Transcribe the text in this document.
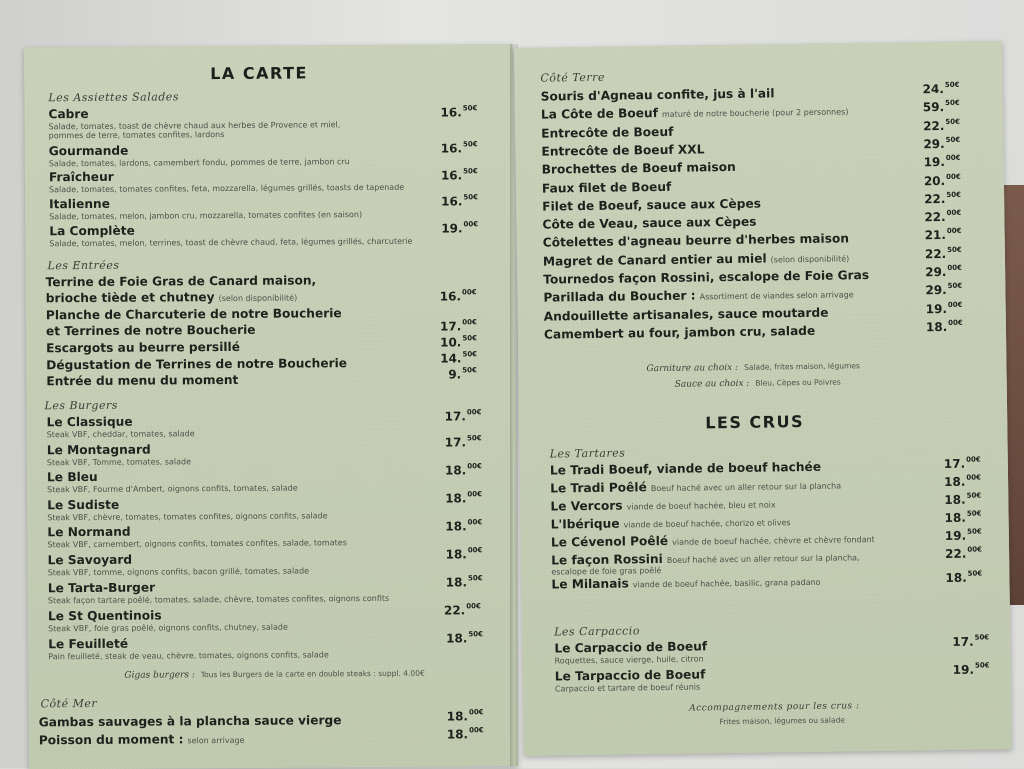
LA CARTE
Les Assiettes Salades
Cabre
Salade, tomates, toast de chèvre chaud aux herbes de Provence et miel, pommes de terre, tomates confites, lardons
16.$^{50€}$
Gourmande
Salade, tomates, lardons, camembert fondu, pommes de terre, jambon cru
16.$^{50€}$
Fraîcheur
Salade, tomates, tomates confites, feta, mozzarella, légumes grillés, toasts de tapenade
16.$^{50€}$
Italienne
Salade, tomates, melon, jambon cru, mozzarella, tomates confites (en saison)
16.$^{50€}$
La Complète
Salade, tomates, melon, terrines, toast de chèvre chaud, feta, légumes grillés, charcuterie
19.$^{00€}$
Les Entrées
Terrine de Foie Gras de Canard maison,
brioche tiède et chutney (selon disponibilité)	16.$^{00€}$
Planche de Charcuterie de notre Boucherie
et Terrines de notre Boucherie	17.$^{00€}$
Escargots au beurre persillé	10.$^{50€}$
Dégustation de Terrines de notre Boucherie	14.$^{50€}$
Entrée du menu du moment	9.$^{50€}$
Les Burgers
Le Classique
Steak VBF, cheddar, tomates, salade
17.$^{00€}$
Le Montagnard
Steak VBF, Tomme, tomates, salade
17.$^{50€}$
Le Bleu
Steak VBF, Fourme d'Ambert, oignons confits, tomates, salade
18.$^{00€}$
Le Sudiste
Steak VBF, chèvre, tomates, tomates confites, oignons confits, salade
18.$^{00€}$
Le Normand
Steak VBF, camembert, oignons confits, tomates confites, salade, tomates
18.$^{00€}$
Le Savoyard
Steak VBF, tomme, oignons confits, bacon grillé, tomates, salade
18.$^{00€}$
Le Tarta-Burger
Steak façon tartare poêlé, tomates, salade, chèvre, tomates confites, oignons confits
18.$^{50€}$
Le St Quentinois
Steak VBF, foie gras poêlé, oignons confits, chutney, salade
22.$^{00€}$
Le Feuilleté
Pain feuilleté, steak de veau, chèvre, tomates, oignons confits, salade
18.$^{50€}$
Gigas burgers : Tous les Burgers de la carte en double steaks : suppl. 4.00€
Côté Mer
Gambas sauvages à la plancha sauce vierge	18.$^{00€}$
Poisson du moment : selon arrivage	18.$^{00€}$
Côté Terre
Souris d'Agneau confite, jus à l'ail	24.$^{50€}$
La Côte de Boeuf maturé de notre boucherie (pour 2 personnes)	59.$^{50€}$
Entrecôte de Boeuf	22.$^{50€}$
Entrecôte de Boeuf XXL	29.$^{50€}$
Brochettes de Boeuf maison	19.$^{00€}$
Faux filet de Boeuf	20.$^{00€}$
Filet de Boeuf, sauce aux Cèpes	22.$^{50€}$
Côte de Veau, sauce aux Cèpes	22.$^{00€}$
Côtelettes d'agneau beurre d'herbes maison	21.$^{00€}$
Magret de Canard entier au miel (selon disponibilité)	22.$^{50€}$
Tournedos façon Rossini, escalope de Foie Gras	29.$^{00€}$
Parillada du Boucher : Assortiment de viandes selon arrivage	29.$^{50€}$
Andouillette artisanales, sauce moutarde	19.$^{00€}$
Camembert au four, jambon cru, salade	18.$^{00€}$
Garniture au choix : Salade, frites maison, légumes
Sauce au choix : Bleu, Cèpes ou Poivres
LES CRUS
Les Tartares
Le Tradi Boeuf, viande de boeuf hachée	17.$^{00€}$
Le Tradi Poêlé Boeuf haché avec un aller retour sur la plancha	18.$^{00€}$
Le Vercors viande de boeuf hachée, bleu et noix	18.$^{50€}$
L'Ibérique viande de boeuf hachée, chorizo et olives	18.$^{50€}$
Le Cévenol Poêlé viande de boeuf hachée, chèvre et chèvre fondant	19.$^{50€}$
Le façon Rossini Boeuf haché avec un aller retour sur la plancha,	22.$^{00€}$
escalope de foie gras poêlé
Le Milanais viande de boeuf hachée, basilic, grana padano	18.$^{50€}$
Les Carpaccio
Le Carpaccio de Boeuf
Roquettes, sauce vierge, huile, citron
17.$^{50€}$
Le Tarpaccio de Boeuf
Carpaccio et tartare de boeuf réunis
19.$^{50€}$
Accompagnements pour les crus :
Frites maison, légumes ou salade
